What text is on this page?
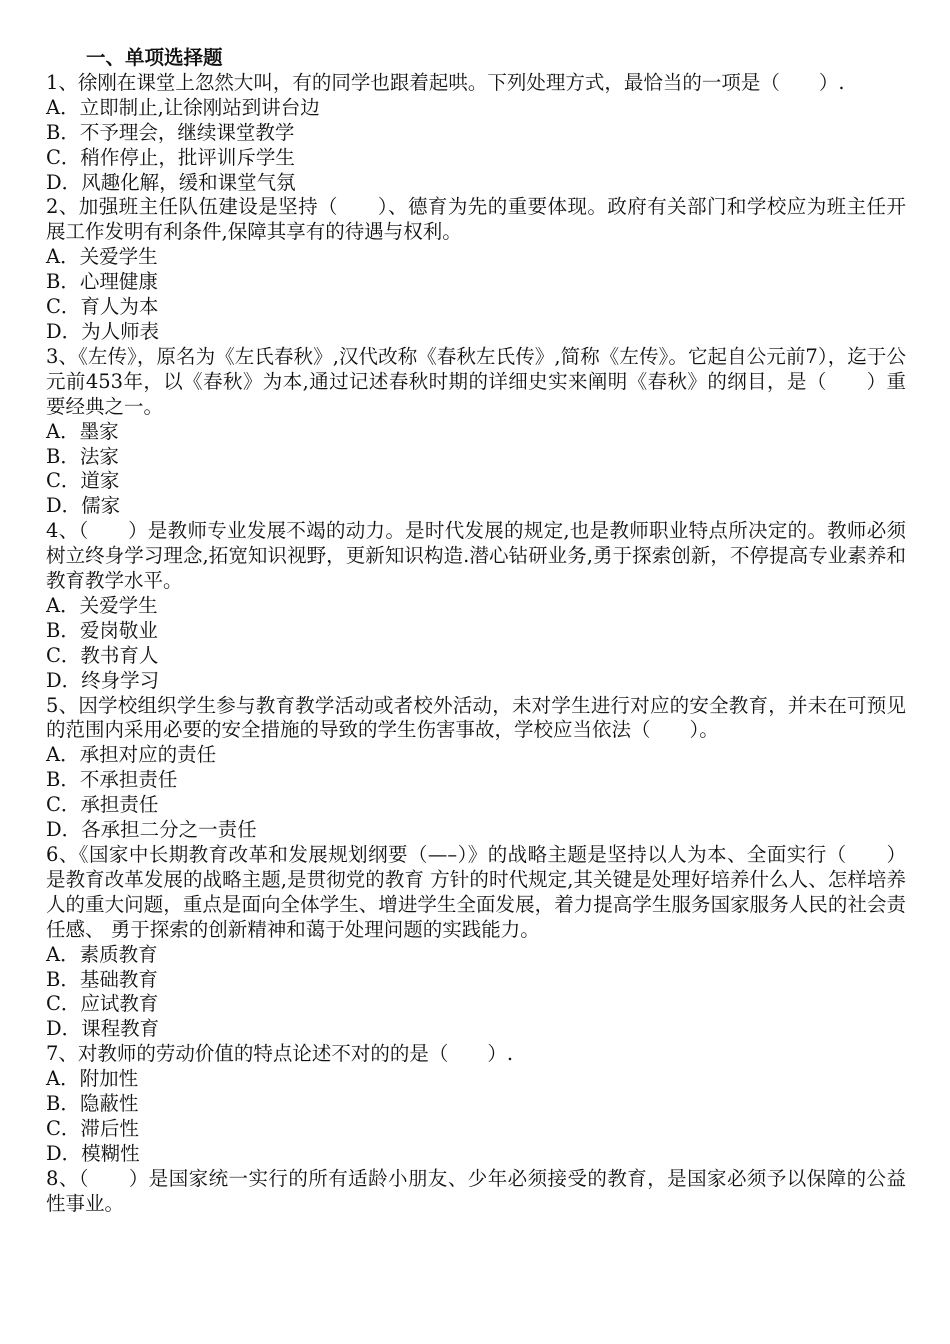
一、单项选择题
1、徐刚在课堂上忽然大叫，有的同学也跟着起哄。下列处理方式，最恰当的一项是（　　）.
A．立即制止,让徐刚站到讲台边
B．不予理会，继续课堂教学
C．稍作停止，批评训斥学生
D．风趣化解，缓和课堂气氛
2、加强班主任队伍建设是坚持（　　）、德育为先的重要体现。政府有关部门和学校应为班主任开展工作发明有利条件,保障其享有的待遇与权利。
A．关爱学生
B．心理健康
C．育人为本
D．为人师表
3、《左传》，原名为《左氏春秋》,汉代改称《春秋左氏传》,简称《左传》。它起自公元前7），迄于公元前453年，以《春秋》为本,通过记述春秋时期的详细史实来阐明《春秋》的纲目，是（　　）重要经典之一。
A．墨家
B．法家
C．道家
D．儒家
4、（　　）是教师专业发展不竭的动力。是时代发展的规定,也是教师职业特点所决定的。教师必须树立终身学习理念,拓宽知识视野，更新知识构造.潜心钻研业务,勇于探索创新，不停提高专业素养和教育教学水平。
A．关爱学生
B．爱岗敬业
C．教书育人
D．终身学习
5、因学校组织学生参与教育教学活动或者校外活动，未对学生进行对应的安全教育，并未在可预见的范围内采用必要的安全措施的导致的学生伤害事故，学校应当依法（　　）。
A．承担对应的责任
B．不承担责任
C．承担责任
D．各承担二分之一责任
6、《国家中长期教育改革和发展规划纲要（—–）》的战略主题是坚持以人为本、全面实行（　　）是教育改革发展的战略主题,是贯彻党的教育 方针的时代规定,其关键是处理好培养什么人、怎样培养人的重大问题，重点是面向全体学生、增进学生全面发展，着力提高学生服务国家服务人民的社会责任感、 勇于探索的创新精神和蔼于处理问题的实践能力。
A．素质教育
B．基础教育
C．应试教育
D．课程教育
7、对教师的劳动价值的特点论述不对的的是（　　）.
A．附加性
B．隐蔽性
C．滞后性
D．模糊性
8、（　　）是国家统一实行的所有适龄小朋友、少年必须接受的教育，是国家必须予以保障的公益性事业。
